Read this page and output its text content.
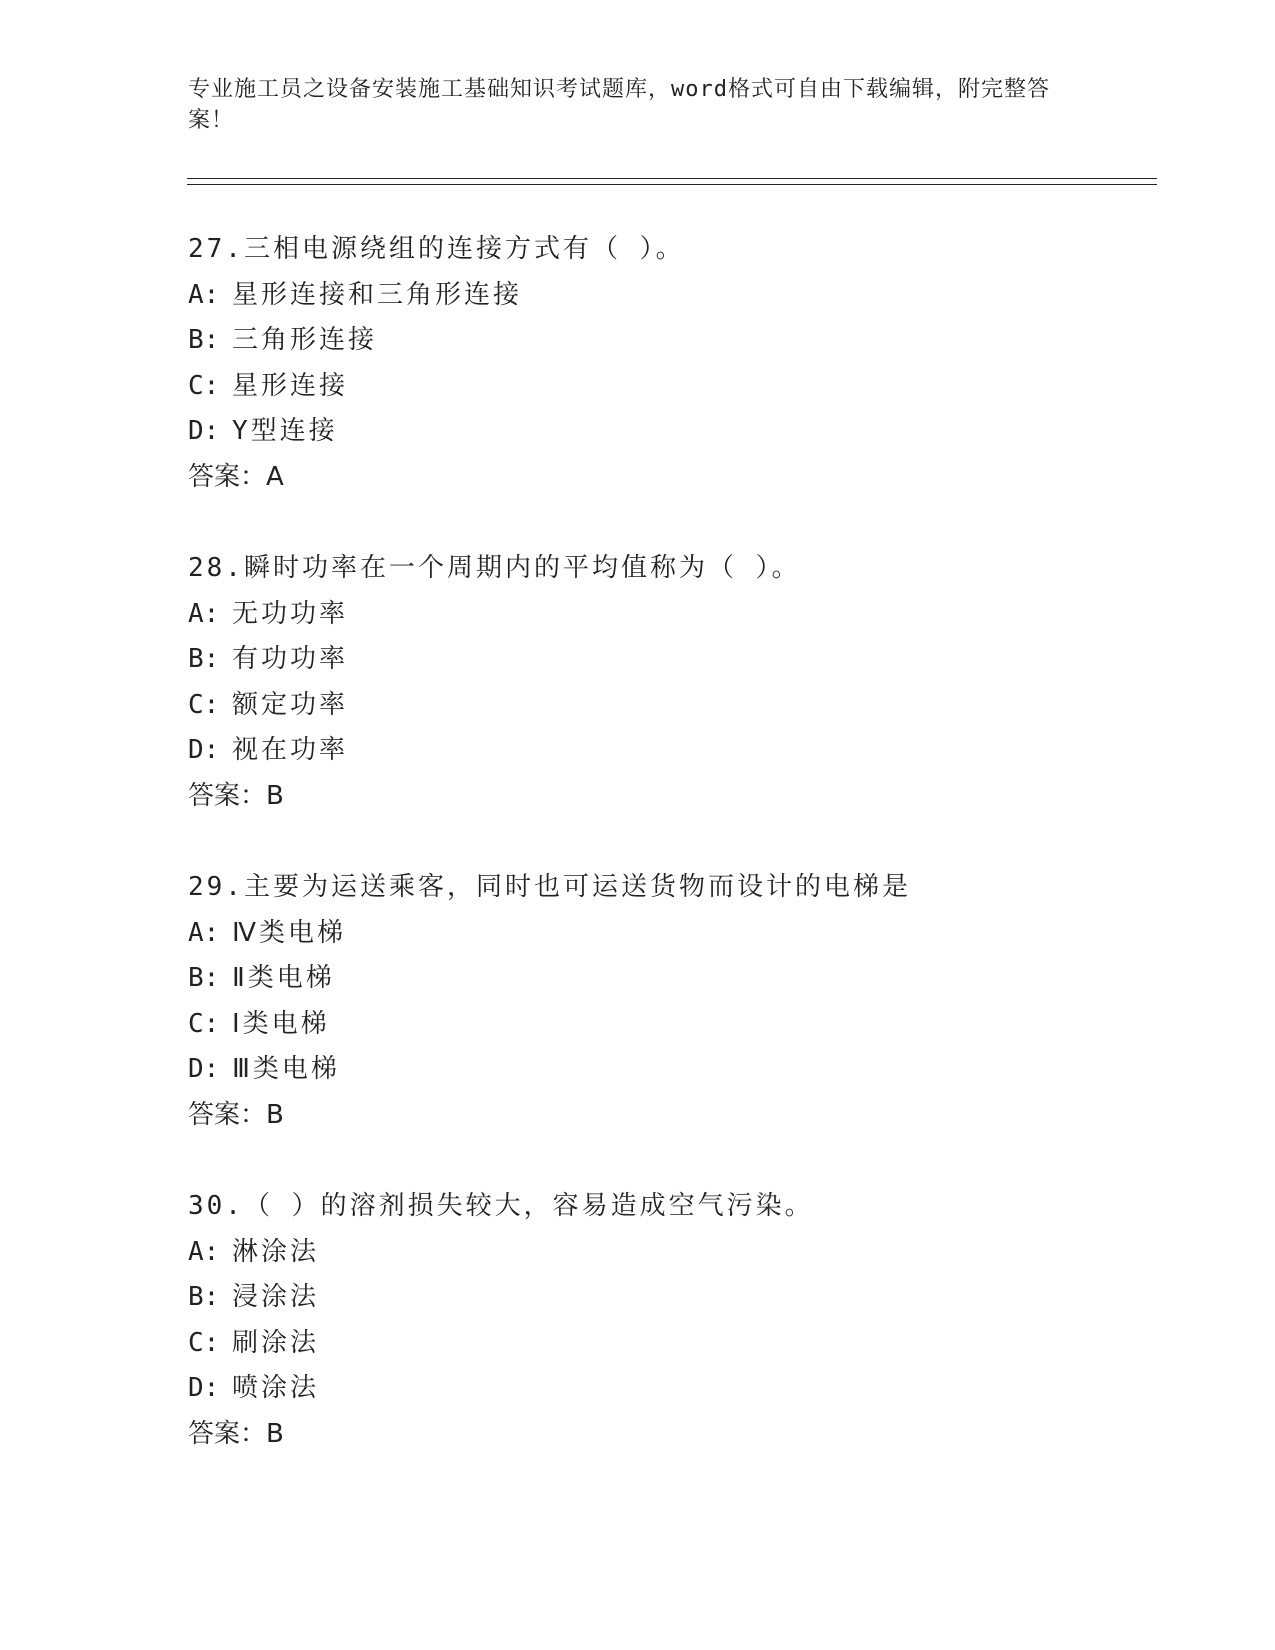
专业施工员之设备安装施工基础知识考试题库，word格式可自由下载编辑，附完整答案！
27.三相电源绕组的连接方式有（ ）。
A: 星形连接和三角形连接
B: 三角形连接
C: 星形连接
D: Y型连接
答案：A
28.瞬时功率在一个周期内的平均值称为（ ）。
A: 无功功率
B: 有功功率
C: 额定功率
D: 视在功率
答案：B
29.主要为运送乘客，同时也可运送货物而设计的电梯是
A: Ⅳ类电梯
B: Ⅱ类电梯
C: Ⅰ类电梯
D: Ⅲ类电梯
答案：B
30.（ ）的溶剂损失较大，容易造成空气污染。
A: 淋涂法
B: 浸涂法
C: 刷涂法
D: 喷涂法
答案：B
